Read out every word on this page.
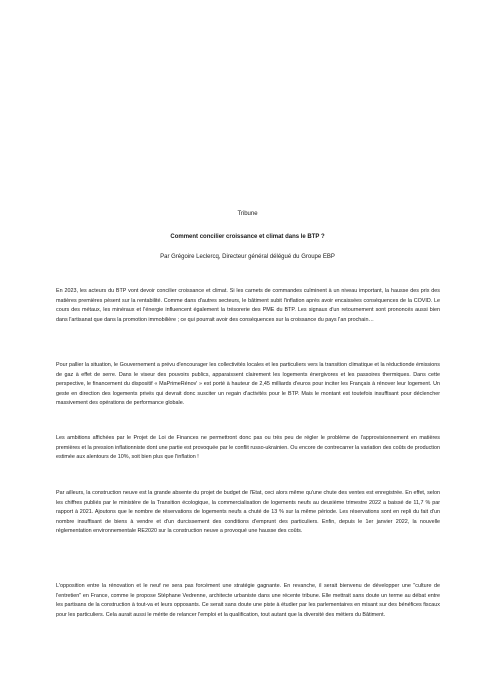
Tribune
Comment concilier croissance et climat dans le BTP ?
Par Grégoire Leclercq, Directeur général délégué du Groupe EBP

En 2023, les acteurs du BTP vont devoir concilier croissance et climat. Si les carnets de commandes culminent à un niveau important, la hausse des prix des matières premières pèsent sur la rentabilité. Comme dans d'autres secteurs, le bâtiment subit l'inflation après avoir encaissées conséquences de la COVID. Le cours des métaux, les minéraux et l'énergie influencent également la trésorerie des PME du BTP. Les signaux d'un retournement sont prononcés aussi bien dans l'artisanat que dans la promotion immobilière ; ce qui pourrait avoir des conséquences sur la croissance du pays l'an prochain…

Pour pallier la situation, le Gouvernement a prévu d'encourager les collectivités locales et les particuliers vers la transition climatique et la réductionde émissions de gaz à effet de serre. Dans le viseur des pouvoirs publics, apparaissent clairement les logements énergivores et les passoires thermiques. Dans cette perspective, le financement du dispositif « MaPrimeRénov' » est porté à hauteur de 2,45 milliards d'euros pour inciter les Français à rénover leur logement. Un geste en direction des logements privés qui devrait donc susciter un regain d'activités pour le BTP. Mais le montant est toutefois insuffisant pour déclencher massivement des opérations de performance globale.

Les ambitions affichées par le Projet de Loi de Finances ne permettront donc pas ou très peu de régler le problème de l'approvisionnement en matières premières et la pression inflationniste dont une partie est provoquée par le conflit russo-ukrainien. Ou encore de contrecarrer la variation des coûts de production estimée aux alentours de 10%, soit bien plus que l'inflation !

Par ailleurs, la construction neuve est la grande absente du projet de budget de l'Etat, ceci alors même qu'une chute des ventes est enregistrée. En effet, selon les chiffres publiés par le ministère de la Transition écologique, la commercialisation de logements neufs au deuxième trimestre 2022 a baissé de 11,7 % par rapport à 2021. Ajoutons que le nombre de réservations de logements neufs a chuté de 13 % sur la même période. Les réservations sont en repli du fait d'un nombre insuffisant de biens à vendre et d'un durcissement des conditions d'emprunt des particuliers. Enfin, depuis le 1er janvier 2022, la nouvelle réglementation environnementale RE2020 sur la construction neuve a provoqué une hausse des coûts.

L'opposition entre la rénovation et le neuf ne sera pas forcément une stratégie gagnante. En revanche, il serait bienvenu de développer une "culture de l'entretien" en France, comme le propose Stéphane Vedrenne, architecte urbaniste dans une récente tribune. Elle mettrait sans doute un terme au débat entre les partisans de la construction à tout-va et leurs opposants. Ce serait sans doute une piste à étudier par les parlementaires en misant sur des bénéfices fiscaux pour les particuliers. Cela aurait aussi le mérite de relancer l'emploi et la qualification, tout autant que la diversité des métiers du Bâtiment.
